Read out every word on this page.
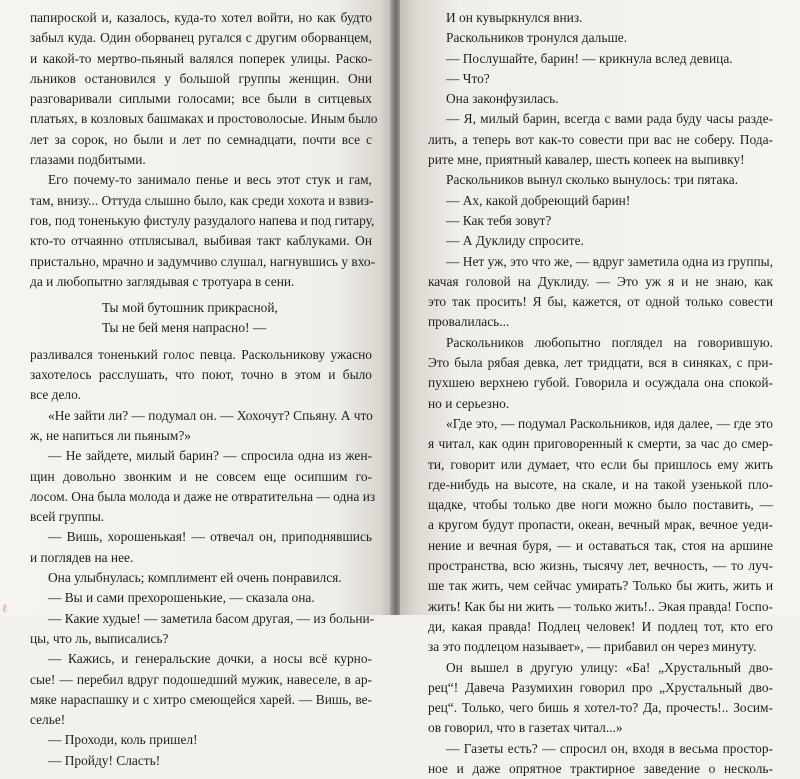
папироской и, казалось, куда-то хотел войти, но как будто
забыл куда. Один оборванец ругался с другим оборванцем,
и какой-то мертво-пьяный валялся поперек улицы. Раско-
льников остановился у большой группы женщин. Они
разговаривали сиплыми голосами; все были в ситцевых
платьях, в козловых башмаках и простоволосые. Иным было
лет за сорок, но были и лет по семнадцати, почти все с
глазами подбитыми.
Его почему-то занимало пенье и весь этот стук и гам,
там, внизу... Оттуда слышно было, как среди хохота и взвиз-
гов, под тоненькую фистулу разудалого напева и под гитару,
кто-то отчаянно отплясывал, выбивая такт каблуками. Он
пристально, мрачно и задумчиво слушал, нагнувшись у вхо-
да и любопытно заглядывая с тротуара в сени.
Ты мой бутошник прикрасной,
Ты не бей меня напрасно! —
разливался тоненький голос певца. Раскольникову ужасно
захотелось расслушать, что поют, точно в этом и было
все дело.
«Не зайти ли? — подумал он. — Хохочут? Спьяну. А что
ж, не напиться ли пьяным?»
— Не зайдете, милый барин? — спросила одна из жен-
щин довольно звонким и не совсем еще осипшим го-
лосом. Она была молода и даже не отвратительна — одна из
всей группы.
— Вишь, хорошенькая! — отвечал он, приподнявшись
и поглядев на нее.
Она улыбнулась; комплимент ей очень понравился.
— Вы и сами прехорошенькие, — сказала она.
— Какие худые! — заметила басом другая, — из больни-
цы, что ль, выписались?
— Кажись, и генеральские дочки, а носы всё курно-
сые! — перебил вдруг подошедший мужик, навеселе, в ар-
мяке нараспашку и с хитро смеющейся харей. — Вишь, ве-
селье!
— Проходи, коль пришел!
— Пройду! Сласть!
ℓ
И он кувыркнулся вниз.
Раскольников тронулся дальше.
— Послушайте, барин! — крикнула вслед девица.
— Что?
Она законфузилась.
— Я, милый барин, всегда с вами рада буду часы разде-
лить, а теперь вот как-то совести при вас не соберу. Пода-
рите мне, приятный кавалер, шесть копеек на выпивку!
Раскольников вынул сколько вынулось: три пятака.
— Ах, какой добреющий барин!
— Как тебя зовут?
— А Дуклиду спросите.
— Нет уж, это что же, — вдруг заметила одна из группы,
качая головой на Дуклиду. — Это уж я и не знаю, как
это так просить! Я бы, кажется, от одной только совести
провалилась...
Раскольников любопытно поглядел на говорившую.
Это была рябая девка, лет тридцати, вся в синяках, с при-
пухшею верхнею губой. Говорила и осуждала она спокой-
но и серьезно.
«Где это, — подумал Раскольников, идя далее, — где это
я читал, как один приговоренный к смерти, за час до смер-
ти, говорит или думает, что если бы пришлось ему жить
где-нибудь на высоте, на скале, и на такой узенькой пло-
щадке, чтобы только две ноги можно было поставить, —
а кругом будут пропасти, океан, вечный мрак, вечное уеди-
нение и вечная буря, — и оставаться так, стоя на аршине
пространства, всю жизнь, тысячу лет, вечность, — то луч-
ше так жить, чем сейчас умирать? Только бы жить, жить и
жить! Как бы ни жить — только жить!.. Экая правда! Госпо-
ди, какая правда! Подлец человек! И подлец тот, кто его
за это подлецом называет», — прибавил он через минуту.
Он вышел в другую улицу: «Ба! „Хрустальный дво-
рец“! Давеча Разумихин говорил про „Хрустальный дво-
рец“. Только, чего бишь я хотел-то? Да, прочесть!.. Зосим-
ов говорил, что в газетах читал...»
— Газеты есть? — спросил он, входя в весьма простор-
ное и даже опрятное трактирное заведение о несколь-
